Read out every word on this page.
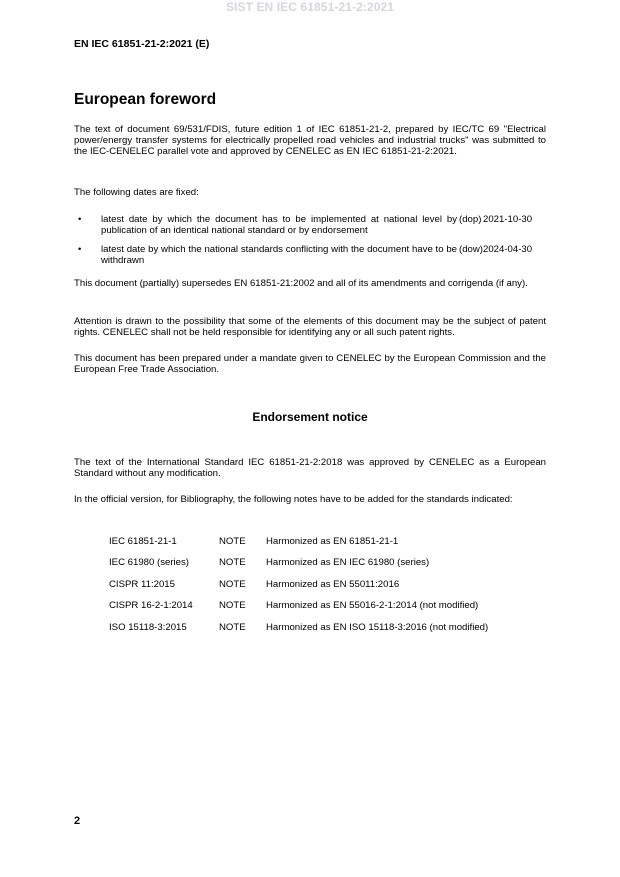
SIST EN IEC 61851-21-2:2021
EN IEC 61851-21-2:2021 (E)
European foreword

The text of document 69/531/FDIS, future edition 1 of IEC 61851-21-2, prepared by IEC/TC 69 "Electrical power/energy transfer systems for electrically propelled road vehicles and industrial trucks" was submitted to the IEC-CENELEC parallel vote and approved by CENELEC as EN IEC 61851-21-2:2021.

The following dates are fixed:

• latest date by which the document has to be implemented at national level by publication of an identical national standard or by endorsement
(dop) 2021-10-30
• latest date by which the national standards conflicting with the document have to be withdrawn
(dow) 2024-04-30

This document (partially) supersedes EN 61851-21:2002 and all of its amendments and corrigenda (if any).

Attention is drawn to the possibility that some of the elements of this document may be the subject of patent rights. CENELEC shall not be held responsible for identifying any or all such patent rights.

This document has been prepared under a mandate given to CENELEC by the European Commission and the European Free Trade Association.

Endorsement notice

The text of the International Standard IEC 61851-21-2:2018 was approved by CENELEC as a European Standard without any modification.

In the official version, for Bibliography, the following notes have to be added for the standards indicated:

IEC 61851-21-1	NOTE Harmonized as EN 61851-21-1
IEC 61980 (series)	NOTE Harmonized as EN IEC 61980 (series)
CISPR 11:2015	NOTE Harmonized as EN 55011:2016
CISPR 16-2-1:2014	NOTE Harmonized as EN 55016-2-1:2014 (not modified)
ISO 15118-3:2015	NOTE Harmonized as EN ISO 15118-3:2016 (not modified)
2
